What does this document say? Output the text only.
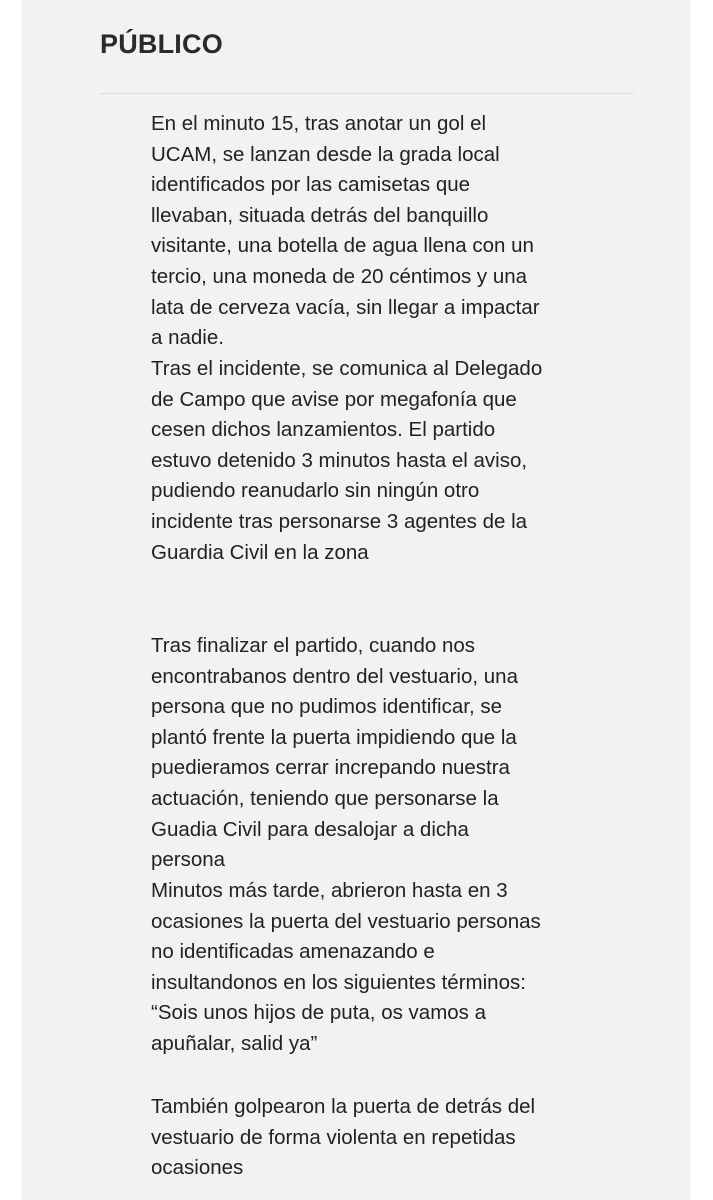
PÚBLICO

En el minuto 15, tras anotar un gol el
UCAM, se lanzan desde la grada local
identificados por las camisetas que
llevaban, situada detrás del banquillo
visitante, una botella de agua llena con un
tercio, una moneda de 20 céntimos y una
lata de cerveza vacía, sin llegar a impactar
a nadie.

Tras el incidente, se comunica al Delegado
de Campo que avise por megafonía que
cesen dichos lanzamientos. El partido
estuvo detenido 3 minutos hasta el aviso,
pudiendo reanudarlo sin ningún otro
incidente tras personarse 3 agentes de la
Guardia Civil en la zona

Tras finalizar el partido, cuando nos
encontrabanos dentro del vestuario, una
persona que no pudimos identificar, se
plantó frente la puerta impidiendo que la
puedieramos cerrar increpando nuestra
actuación, teniendo que personarse la
Guadia Civil para desalojar a dicha
persona

Minutos más tarde, abrieron hasta en 3
ocasiones la puerta del vestuario personas
no identificadas amenazando e
insultandonos en los siguientes términos:
“Sois unos hijos de puta, os vamos a
apuñalar, salid ya”

También golpearon la puerta de detrás del
vestuario de forma violenta en repetidas
ocasiones
